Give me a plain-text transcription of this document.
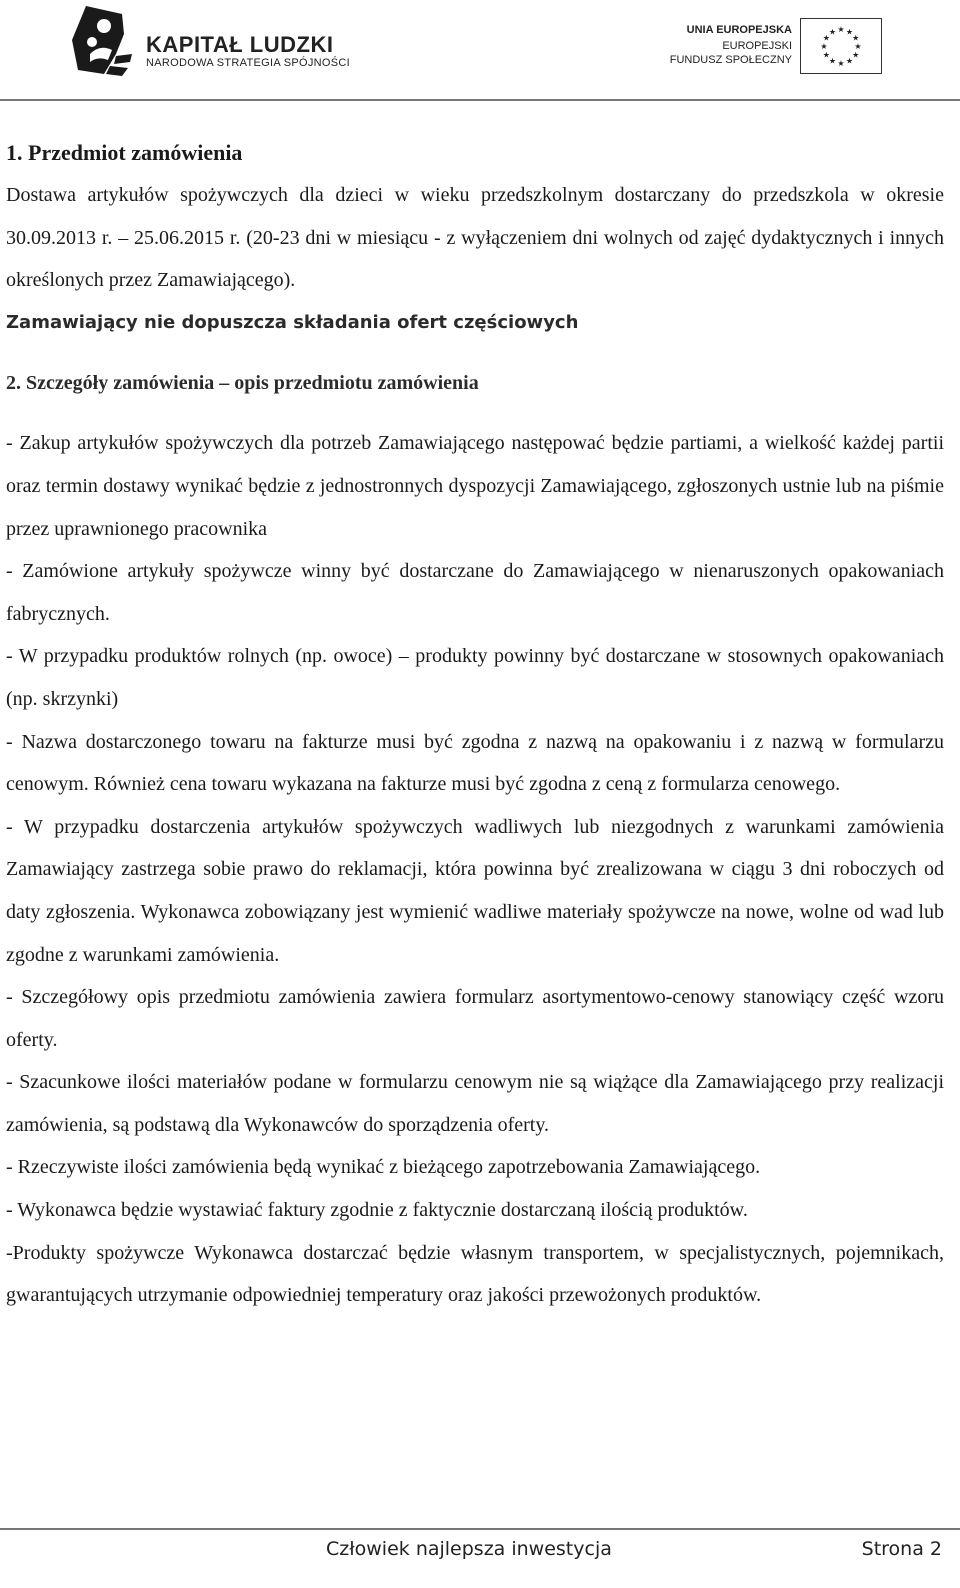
KAPITAŁ LUDZKI
NARODOWA STRATEGIA SPÓJNOŚCI
UNIA EUROPEJSKA
EUROPEJSKI
FUNDUSZ SPOŁECZNY
★ ★
★
★
★
★
★
★
★
★
★
★
1. Przedmiot zamówienia

Dostawa artykułów spożywczych dla dzieci w wieku przedszkolnym dostarczany do przedszkola w okresie 30.09.2013 r. – 25.06.2015 r. (20-23 dni w miesiącu - z wyłączeniem dni wolnych od zajęć dydaktycznych i innych określonych przez Zamawiającego).

Zamawiający nie dopuszcza składania ofert częściowych

2. Szczegóły zamówienia – opis przedmiotu zamówienia

- Zakup artykułów spożywczych dla potrzeb Zamawiającego następować będzie partiami, a wielkość każdej partii oraz termin dostawy wynikać będzie z jednostronnych dyspozycji Zamawiającego, zgłoszonych ustnie lub na piśmie przez uprawnionego pracownika

- Zamówione artykuły spożywcze winny być dostarczane do Zamawiającego w nienaruszonych opakowaniach fabrycznych.

- W przypadku produktów rolnych (np. owoce) – produkty powinny być dostarczane w stosownych opakowaniach (np. skrzynki)

- Nazwa dostarczonego towaru na fakturze musi być zgodna z nazwą na opakowaniu i z nazwą w formularzu cenowym. Również cena towaru wykazana na fakturze musi być zgodna z ceną z formularza cenowego.

- W przypadku dostarczenia artykułów spożywczych wadliwych lub niezgodnych z warunkami zamówienia Zamawiający zastrzega sobie prawo do reklamacji, która powinna być zrealizowana w ciągu 3 dni roboczych od daty zgłoszenia. Wykonawca zobowiązany jest wymienić wadliwe materiały spożywcze na nowe, wolne od wad lub zgodne z warunkami zamówienia.

- Szczegółowy opis przedmiotu zamówienia zawiera formularz asortymentowo-cenowy stanowiący część wzoru oferty.

- Szacunkowe ilości materiałów podane w formularzu cenowym nie są wiążące dla Zamawiającego przy realizacji zamówienia, są podstawą dla Wykonawców do sporządzenia oferty.

- Rzeczywiste ilości zamówienia będą wynikać z bieżącego zapotrzebowania Zamawiającego.

- Wykonawca będzie wystawiać faktury zgodnie z faktycznie dostarczaną ilością produktów.

-Produkty spożywcze Wykonawca dostarczać będzie własnym transportem, w specjalistycznych, pojemnikach, gwarantujących utrzymanie odpowiedniej temperatury oraz jakości przewożonych produktów.

Człowiek najlepsza inwestycja	Strona 2
